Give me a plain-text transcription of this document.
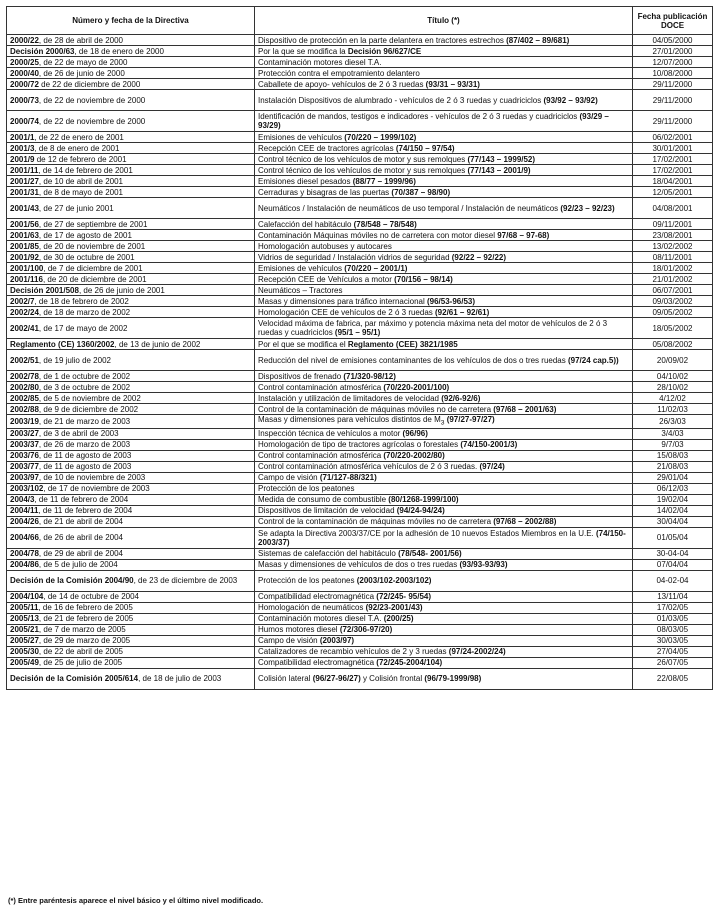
Número y fecha de la Directiva	Título (*)	Fecha publicación DOCE
2000/22, de 28 de abril de 2000	Dispositivo de protección en la parte delantera en tractores estrechos (87/402 – 89/681)	04/05/2000
Decisión 2000/63, de 18 de enero de 2000	Por la que se modifica la Decisión 96/627/CE	27/01/2000
2000/25, de 22 de mayo de 2000	Contaminación motores diesel T.A.	12/07/2000
2000/40, de 26 de junio de 2000	Protección contra el empotramiento delantero	10/08/2000
2000/72 de 22 de diciembre de 2000	Caballete de apoyo- vehículos de 2 ó 3 ruedas (93/31 – 93/31)	29/11/2000
2000/73, de 22 de noviembre de 2000	Instalación Dispositivos de alumbrado - vehículos de 2 ó 3 ruedas y cuadriciclos (93/92 – 93/92)	29/11/2000
2000/74, de 22 de noviembre de 2000	Identificación de mandos, testigos e indicadores - vehículos de 2 ó 3 ruedas y cuadriciclos (93/29 – 93/29)	29/11/2000
2001/1, de 22 de enero de 2001	Emisiones de vehículos (70/220 – 1999/102)	06/02/2001
2001/3, de 8 de enero de 2001	Recepción CEE de tractores agrícolas (74/150 – 97/54)	30/01/2001
2001/9 de 12 de febrero de 2001	Control técnico de los vehículos de motor y sus remolques (77/143 – 1999/52)	17/02/2001
2001/11, de 14 de febrero de 2001	Control técnico de los vehículos de motor y sus remolques (77/143 – 2001/9)	17/02/2001
2001/27, de 10 de abril de 2001	Emisiones diesel pesados (88/77 – 1999/96)	18/04/2001
2001/31, de 8 de mayo de 2001	Cerraduras y bisagras de las puertas (70/387 – 98/90)	12/05/2001
2001/43, de 27 de junio 2001	Neumáticos / Instalación de neumáticos de uso temporal / Instalación de neumáticos (92/23 – 92/23)	04/08/2001
2001/56, de 27 de septiembre de 2001	Calefacción del habitáculo (78/548 – 78/548)	09/11/2001
2001/63, de 17 de agosto de 2001	Contaminación Máquinas móviles no de carretera con motor diesel 97/68 – 97-68)	23/08/2001
2001/85, de 20 de noviembre de 2001	Homologación autobuses y autocares	13/02/2002
2001/92, de 30 de octubre de 2001	Vidrios de seguridad / Instalación vidrios de seguridad (92/22 – 92/22)	08/11/2001
2001/100, de 7 de diciembre de 2001	Emisiones de vehículos (70/220 – 2001/1)	18/01/2002
2001/116, de 20 de diciembre de 2001	Recepción CEE de Vehículos a motor (70/156 – 98/14)	21/01/2002
Decisión 2001/508, de 26 de junio de 2001	Neumáticos – Tractores	06/07/2001
2002/7, de 18 de febrero de 2002	Masas y dimensiones para tráfico internacional (96/53-96/53)	09/03/2002
2002/24, de 18 de marzo de 2002	Homologación CEE de vehículos de 2 ó 3 ruedas (92/61 – 92/61)	09/05/2002
2002/41, de 17 de mayo de 2002	Velocidad máxima de fabrica, par máximo y potencia máxima neta del motor de vehículos de 2 ó 3 ruedas y cuadriciclos (95/1 – 95/1)	18/05/2002
Reglamento (CE) 1360/2002, de 13 de junio de 2002	Por el que se modifica el Reglamento (CEE) 3821/1985	05/08/2002
2002/51, de 19 julio de 2002	Reducción del nivel de emisiones contaminantes de los vehículos de dos o tres ruedas (97/24 cap.5))	20/09/02
2002/78, de 1 de octubre de 2002	Dispositivos de frenado (71/320-98/12)	04/10/02
2002/80, de 3 de octubre de 2002	Control contaminación atmosférica (70/220-2001/100)	28/10/02
2002/85, de 5 de noviembre de 2002	Instalación y utilización de limitadores de velocidad (92/6-92/6)	4/12/02
2002/88, de 9 de diciembre de 2002	Control de la contaminación de máquinas móviles no de carretera (97/68 – 2001/63)	11/02/03
2003/19, de 21 de marzo de 2003	Masas y dimensiones para vehículos distintos de $M_3$ (97/27-97/27)	26/3/03
2003/27, de 3 de abril de 2003	Inspección técnica de vehículos a motor (96/96)	3/4/03
2003/37, de 26 de marzo de 2003	Homologación de tipo de tractores agrícolas o forestales (74/150-2001/3)	9/7/03
2003/76, de 11 de agosto de 2003	Control contaminación atmosférica (70/220-2002/80)	15/08/03
2003/77, de 11 de agosto de 2003	Control contaminación atmosférica vehículos de 2 ó 3 ruedas. (97/24)	21/08/03
2003/97, de 10 de noviembre de 2003	Campo de visión (71/127-88/321)	29/01/04
2003/102, de 17 de noviembre de 2003	Protección de los peatones	06/12/03
2004/3, de 11 de febrero de 2004	Medida de consumo de combustible (80/1268-1999/100)	19/02/04
2004/11, de 11 de febrero de 2004	Dispositivos de limitación de velocidad (94/24-94/24)	14/02/04
2004/26, de 21 de abril de 2004	Control de la contaminación de máquinas móviles no de carretera (97/68 – 2002/88)	30/04/04
2004/66, de 26 de abril de 2004	Se adapta la Directiva 2003/37/CE por la adhesión de 10 nuevos Estados Miembros en la U.E. (74/150-2003/37)	01/05/04
2004/78, de 29 de abril de 2004	Sistemas de calefacción del habitáculo (78/548- 2001/56)	30-04-04
2004/86, de 5 de julio de 2004	Masas y dimensiones de vehículos de dos o tres ruedas (93/93-93/93)	07/04/04
Decisión de la Comisión 2004/90, de 23 de diciembre de 2003	Protección de los peatones (2003/102-2003/102)	04-02-04
2004/104, de 14 de octubre de 2004	Compatibilidad electromagnética (72/245- 95/54)	13/11/04
2005/11, de 16 de febrero de 2005	Homologación de neumáticos (92/23-2001/43)	17/02/05
2005/13, de 21 de febrero de 2005	Contaminación motores diesel T.A. (200/25)	01/03/05
2005/21, de 7 de marzo de 2005	Humos motores diesel (72/306-97/20)	08/03/05
2005/27, de 29 de marzo de 2005	Campo de visión (2003/97)	30/03/05
2005/30, de 22 de abril de 2005	Catalizadores de recambio vehículos de 2 y 3 ruedas (97/24-2002/24)	27/04/05
2005/49, de 25 de julio de 2005	Compatibilidad electromagnética (72/245-2004/104)	26/07/05
Decisión de la Comisión 2005/614, de 18 de julio de 2003	Colisión lateral (96/27-96/27) y Colisión frontal (96/79-1999/98)	22/08/05
(*) Entre paréntesis aparece el nivel básico y el último nivel modificado.
